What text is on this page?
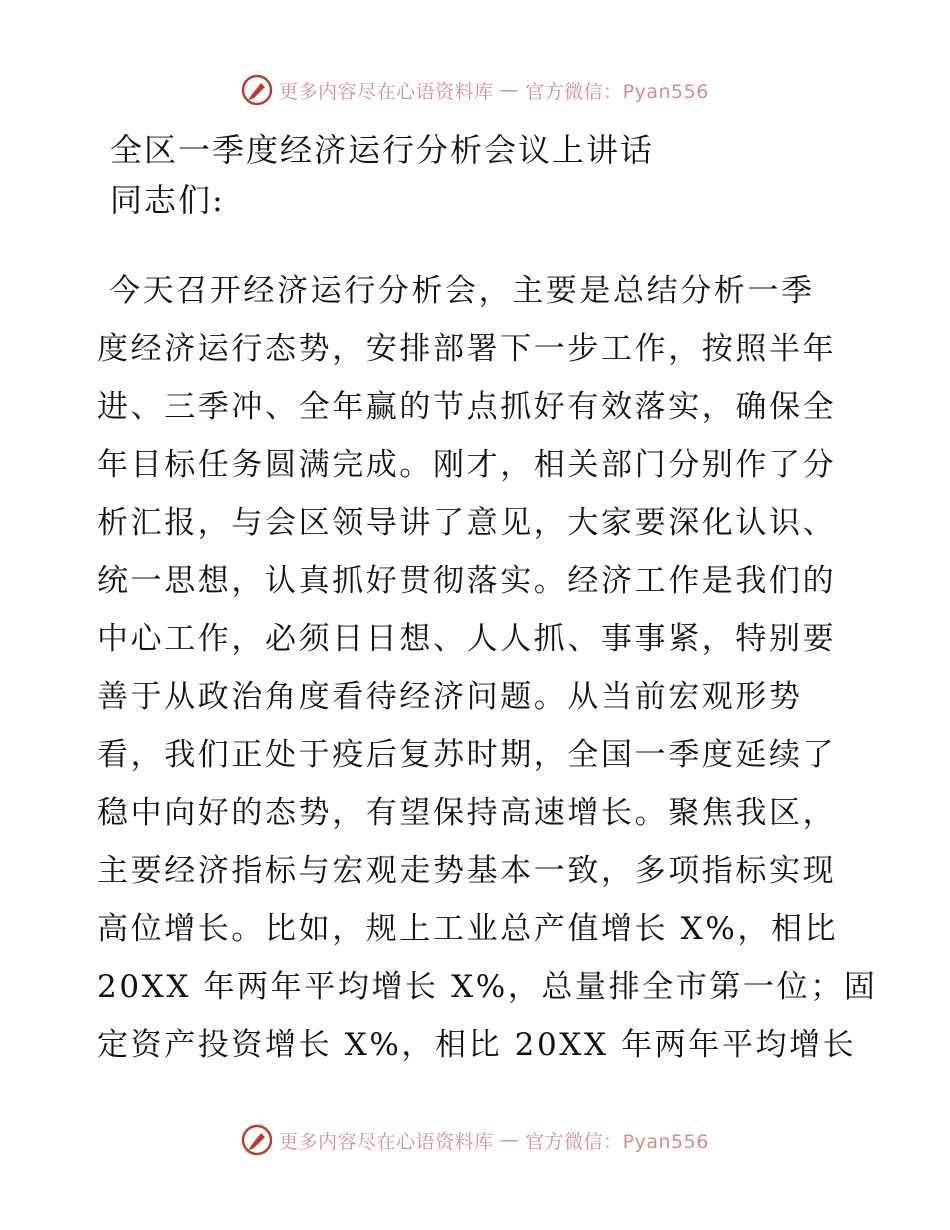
更多内容尽在心语资料库 — 官方微信：Pyan556
全区一季度经济运行分析会议上讲话
同志们:
今天召开经济运行分析会，主要是总结分析一季
度经济运行态势，安排部署下一步工作，按照半年
进、三季冲、全年赢的节点抓好有效落实，确保全
年目标任务圆满完成。刚才，相关部门分别作了分
析汇报，与会区领导讲了意见，大家要深化认识、
统一思想，认真抓好贯彻落实。经济工作是我们的
中心工作，必须日日想、人人抓、事事紧，特别要
善于从政治角度看待经济问题。从当前宏观形势
看，我们正处于疫后复苏时期，全国一季度延续了
稳中向好的态势，有望保持高速增长。聚焦我区，
主要经济指标与宏观走势基本一致，多项指标实现
高位增长。比如，规上工业总产值增长 X%，相比
20XX 年两年平均增长 X%，总量排全市第一位；固
定资产投资增长 X%，相比 20XX 年两年平均增长
更多内容尽在心语资料库 — 官方微信：Pyan556
